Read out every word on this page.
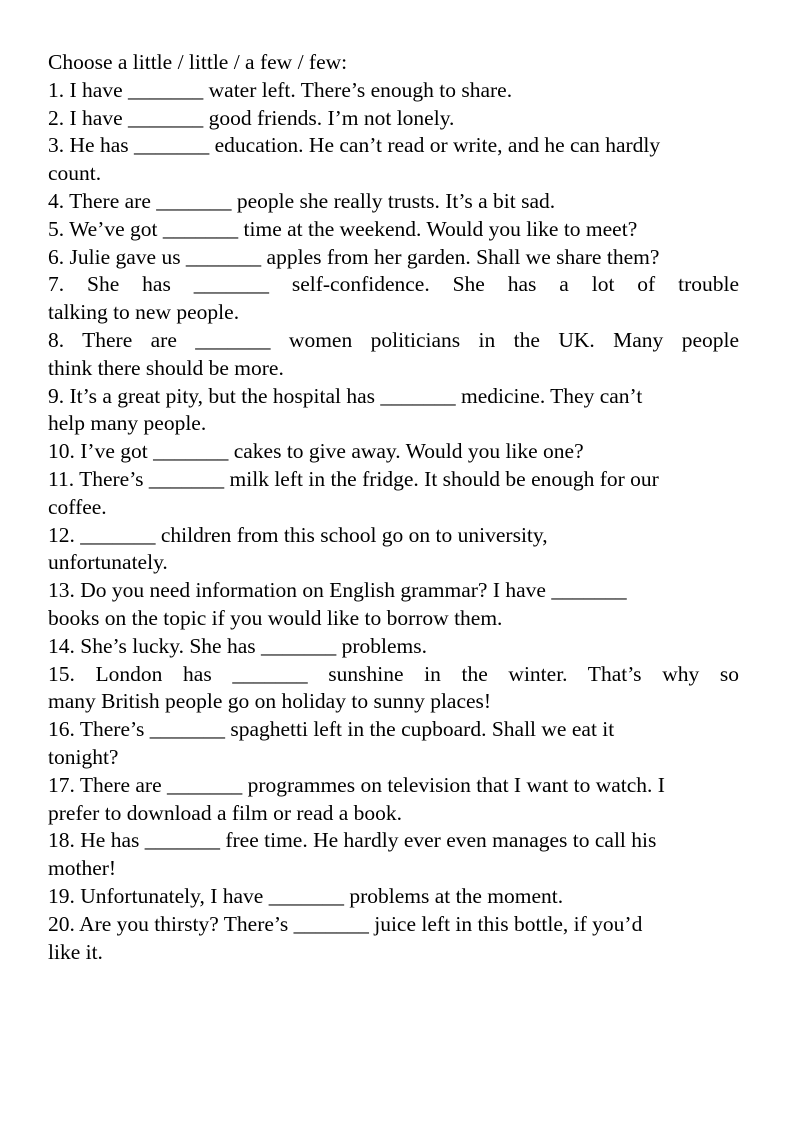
Choose a little / little / a few / few:

1. I have _______ water left. There’s enough to share.

2. I have _______ good friends. I’m not lonely.

3. He has _______ education. He can’t read or write, and he can hardly
count.

4. There are _______ people she really trusts. It’s a bit sad.

5. We’ve got _______ time at the weekend. Would you like to meet?

6. Julie gave us _______ apples from her garden. Shall we share them?

7. She has _______ self-confidence. She has a lot of trouble
talking to new people.

8. There are _______ women politicians in the UK. Many people
think there should be more.

9. It’s a great pity, but the hospital has _______ medicine. They can’t
help many people.

10. I’ve got _______ cakes to give away. Would you like one?

11. There’s _______ milk left in the fridge. It should be enough for our
coffee.

12. _______ children from this school go on to university,
unfortunately.

13. Do you need information on English grammar? I have _______
books on the topic if you would like to borrow them.

14. She’s lucky. She has _______ problems.

15. London has _______ sunshine in the winter. That’s why so
many British people go on holiday to sunny places!

16. There’s _______ spaghetti left in the cupboard. Shall we eat it
tonight?

17. There are _______ programmes on television that I want to watch. I
prefer to download a film or read a book.

18. He has _______ free time. He hardly ever even manages to call his
mother!

19. Unfortunately, I have _______ problems at the moment.

20. Are you thirsty? There’s _______ juice left in this bottle, if you’d
like it.
